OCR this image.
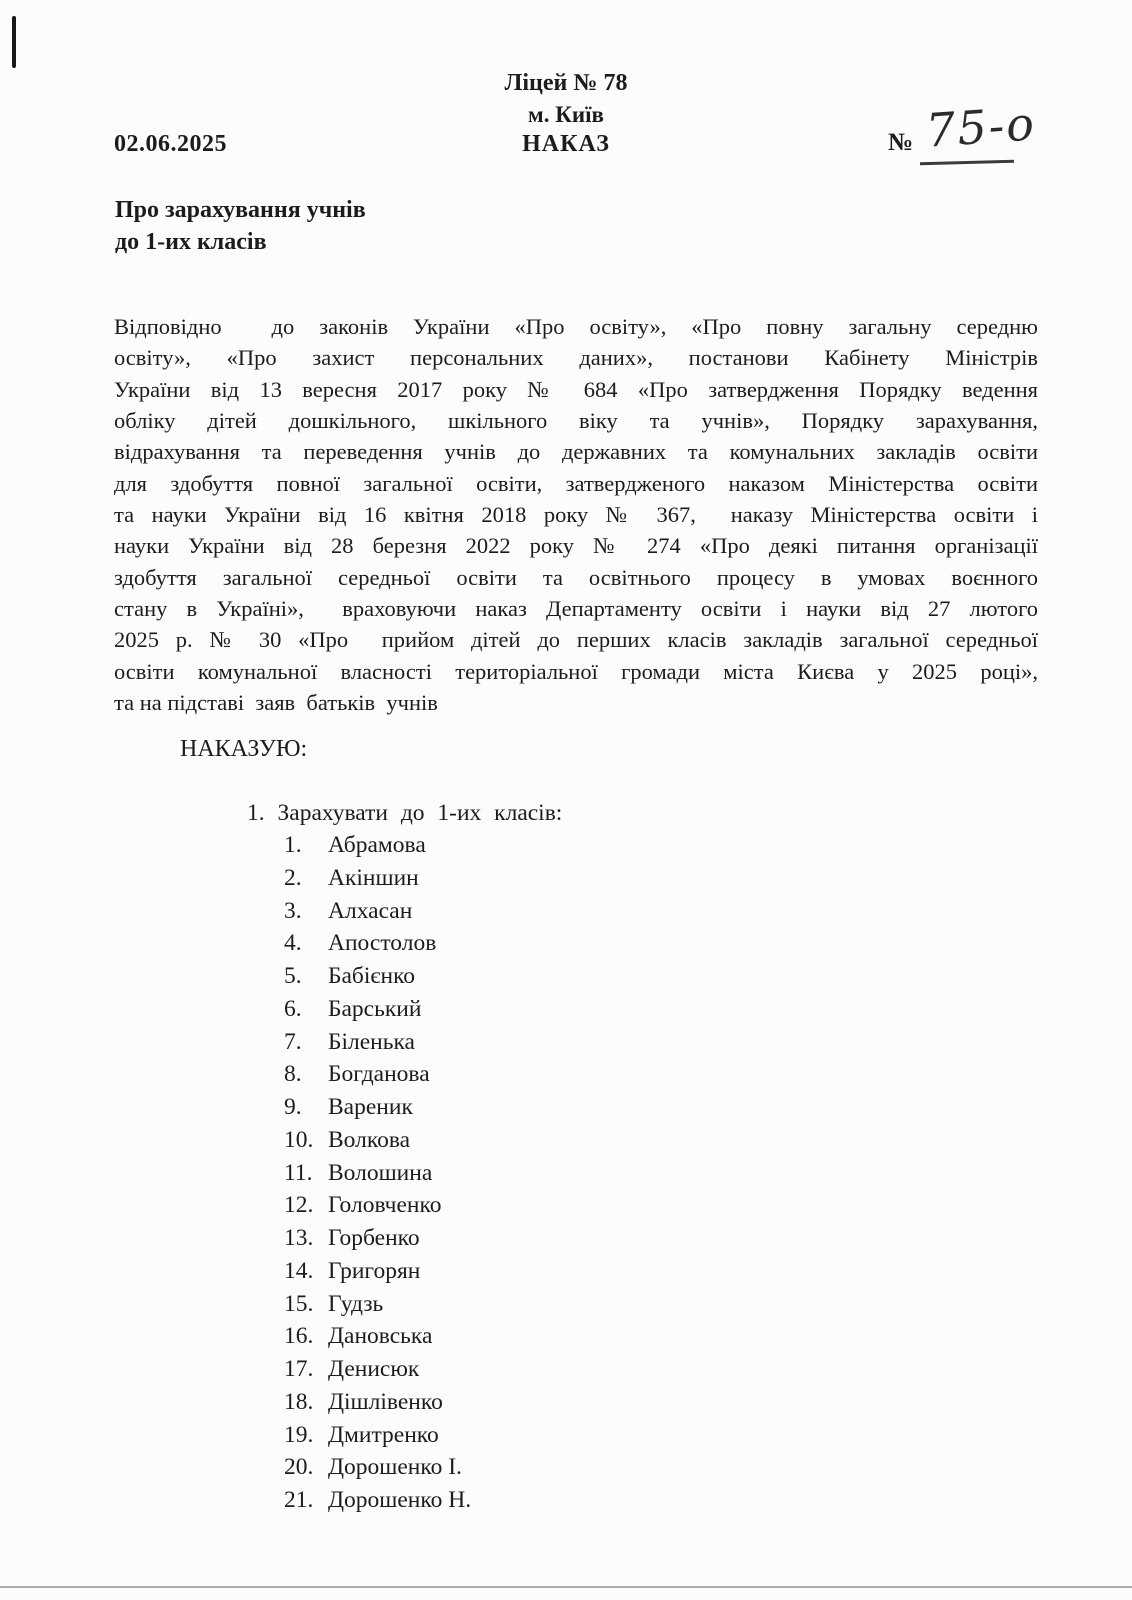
Ліцей № 78
м. Київ
02.06.2025	НАКАЗ	№ 75-о
Про зарахування учнів
до 1-их класів
Відповідно  до законів України «Про освіту», «Про повну загальну середню
освіту», «Про захист персональних даних», постанови Кабінету Міністрів
України від 13 вересня 2017 року № 684 «Про затвердження Порядку ведення
обліку дітей дошкільного, шкільного віку та учнів», Порядку зарахування,
відрахування та переведення учнів до державних та комунальних закладів освіти
для здобуття повної загальної освіти, затвердженого наказом Міністерства освіти
та науки України від 16 квітня 2018 року № 367,  наказу Міністерства освіти і
науки України від 28 березня 2022 року № 274 «Про деякі питання організації
здобуття загальної середньої освіти та освітнього процесу в умовах воєнного
стану в Україні»,  враховуючи наказ Департаменту освіти і науки від 27 лютого
2025 р. № 30 «Про  прийом дітей до перших класів закладів загальної середньої
освіти комунальної власності територіальної громади міста Києва у 2025 році»,
та на підставі  заяв  батьків  учнів
НАКАЗУЮ:
1. Зарахувати до 1-их класів:
1.	Абрамова
2.	Акіншин
3.	Алхасан
4.	Апостолов
5.	Бабієнко
6.	Барський
7.	Біленька
8.	Богданова
9.	Вареник
10. Волкова
11. Волошина
12. Головченко
13. Горбенко
14. Григорян
15. Гудзь
16. Дановська
17. Денисюк
18. Дішлівенко
19. Дмитренко
20. Дорошенко І.
21. Дорошенко Н.
